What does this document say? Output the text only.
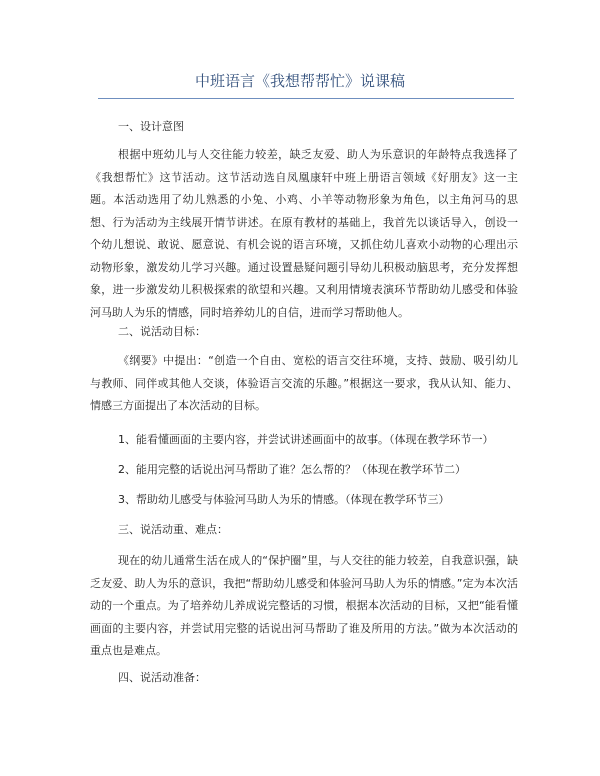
中班语言《我想帮帮忙》说课稿
一、设计意图
根据中班幼儿与人交往能力较差，缺乏友爱、助人为乐意识的年龄特点我选择了《我想帮忙》这节活动。这节活动选自凤凰康轩中班上册语言领域《好朋友》这一主题。本活动选用了幼儿熟悉的小兔、小鸡、小羊等动物形象为角色，以主角河马的思想、行为活动为主线展开情节讲述。在原有教材的基础上，我首先以谈话导入，创设一个幼儿想说、敢说、愿意说、有机会说的语言环境，又抓住幼儿喜欢小动物的心理出示动物形象，激发幼儿学习兴趣。通过设置悬疑问题引导幼儿积极动脑思考，充分发挥想象，进一步激发幼儿积极探索的欲望和兴趣。又利用情境表演环节帮助幼儿感受和体验河马助人为乐的情感，同时培养幼儿的自信，进而学习帮助他人。
二、说活动目标：
《纲要》中提出：“创造一个自由、宽松的语言交往环境，支持、鼓励、吸引幼儿与教师、同伴或其他人交谈，体验语言交流的乐趣。”根据这一要求，我从认知、能力、情感三方面提出了本次活动的目标。
1、能看懂画面的主要内容，并尝试讲述画面中的故事。（体现在教学环节一）
2、能用完整的话说出河马帮助了谁？怎么帮的？（体现在教学环节二）
3、帮助幼儿感受与体验河马助人为乐的情感。（体现在教学环节三）
三、说活动重、难点：
现在的幼儿通常生活在成人的“保护圈”里，与人交往的能力较差，自我意识强，缺乏友爱、助人为乐的意识，我把“帮助幼儿感受和体验河马助人为乐的情感。”定为本次活动的一个重点。为了培养幼儿养成说完整话的习惯，根据本次活动的目标，又把“能看懂画面的主要内容，并尝试用完整的话说出河马帮助了谁及所用的方法。”做为本次活动的重点也是难点。
四、说活动准备：
